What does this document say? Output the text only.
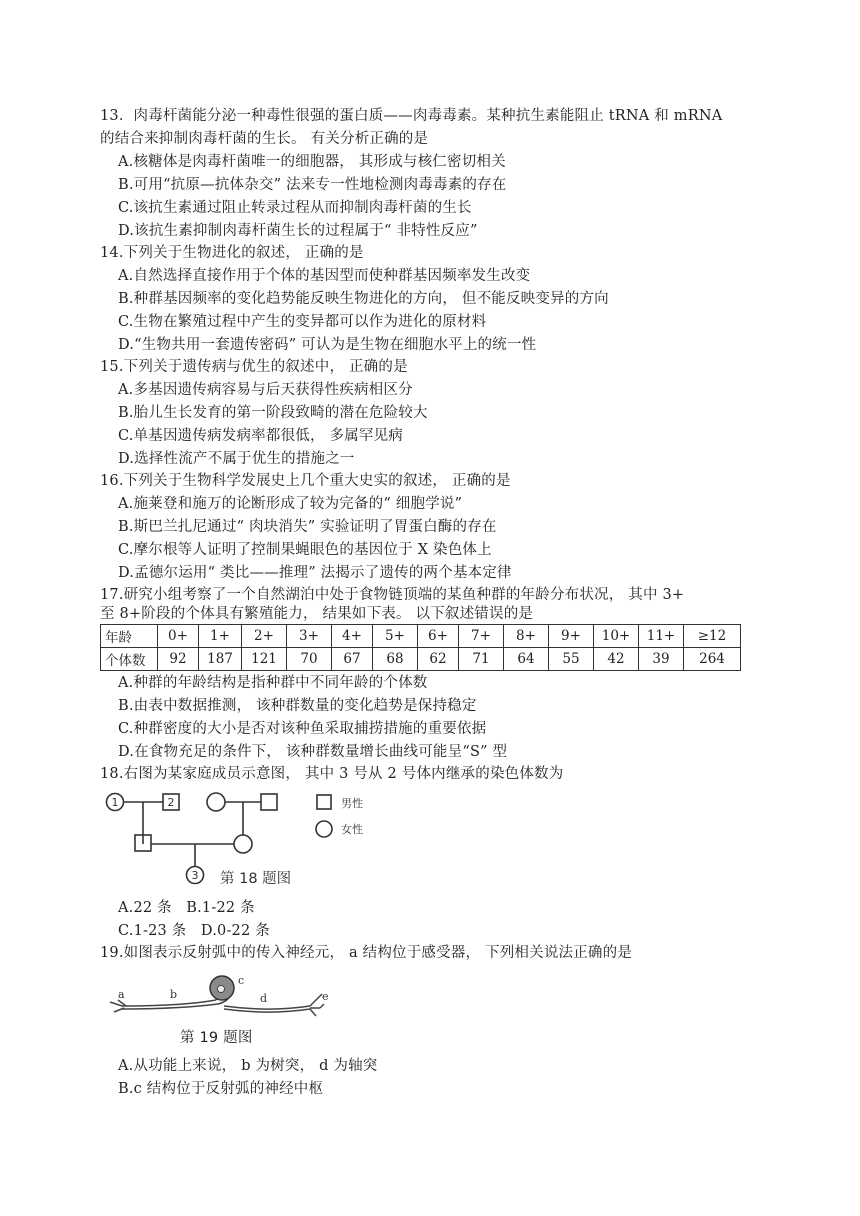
13．肉毒杆菌能分泌一种毒性很强的蛋白质——肉毒毒素。某种抗生素能阻止 tRNA 和 mRNA
的结合来抑制肉毒杆菌的生长。 有关分析正确的是
A.核糖体是肉毒杆菌唯一的细胞器， 其形成与核仁密切相关
B.可用“抗原—抗体杂交” 法来专一性地检测肉毒毒素的存在
C.该抗生素通过阻止转录过程从而抑制肉毒杆菌的生长
D.该抗生素抑制肉毒杆菌生长的过程属于“ 非特性反应”
14.下列关于生物进化的叙述， 正确的是
A.自然选择直接作用于个体的基因型而使种群基因频率发生改变
B.种群基因频率的变化趋势能反映生物进化的方向， 但不能反映变异的方向
C.生物在繁殖过程中产生的变异都可以作为进化的原材料
D.“生物共用一套遗传密码” 可认为是生物在细胞水平上的统一性
15.下列关于遗传病与优生的叙述中， 正确的是
A.多基因遗传病容易与后天获得性疾病相区分
B.胎儿生长发育的第一阶段致畸的潜在危险较大
C.单基因遗传病发病率都很低， 多属罕见病
D.选择性流产不属于优生的措施之一
16.下列关于生物科学发展史上几个重大史实的叙述， 正确的是
A.施莱登和施万的论断形成了较为完备的“ 细胞学说”
B.斯巴兰扎尼通过“ 肉块消失” 实验证明了胃蛋白酶的存在
C.摩尔根等人证明了控制果蝇眼色的基因位于 X 染色体上
D.孟德尔运用“ 类比——推理” 法揭示了遗传的两个基本定律
17.研究小组考察了一个自然湖泊中处于食物链顶端的某鱼种群的年龄分布状况， 其中 3+
至 8+阶段的个体具有繁殖能力， 结果如下表。 以下叙述错误的是
年龄	0+	1+	2+	3+	4+	5+	6+	7+	8+	9+	10+	11+	≥12
个体数	92	187	121	70	67	68	62	71	64	55	42	39	264
A.种群的年龄结构是指种群中不同年龄的个体数
B.由表中数据推测， 该种群数量的变化趋势是保持稳定
C.种群密度的大小是否对该种鱼采取捕捞措施的重要依据
D.在食物充足的条件下， 该种群数量增长曲线可能呈“S” 型
18.右图为某家庭成员示意图， 其中 3 号从 2 号体内继承的染色体数为
1	2
3
男性
女性
第 18 题图
A.22 条   B.1-22 条
C.1-23 条   D.0-22 条
19.如图表示反射弧中的传入神经元， a 结构位于感受器， 下列相关说法正确的是
a	b
c
d	e
第 19 题图
A.从功能上来说， b 为树突， d 为轴突
B.c 结构位于反射弧的神经中枢
